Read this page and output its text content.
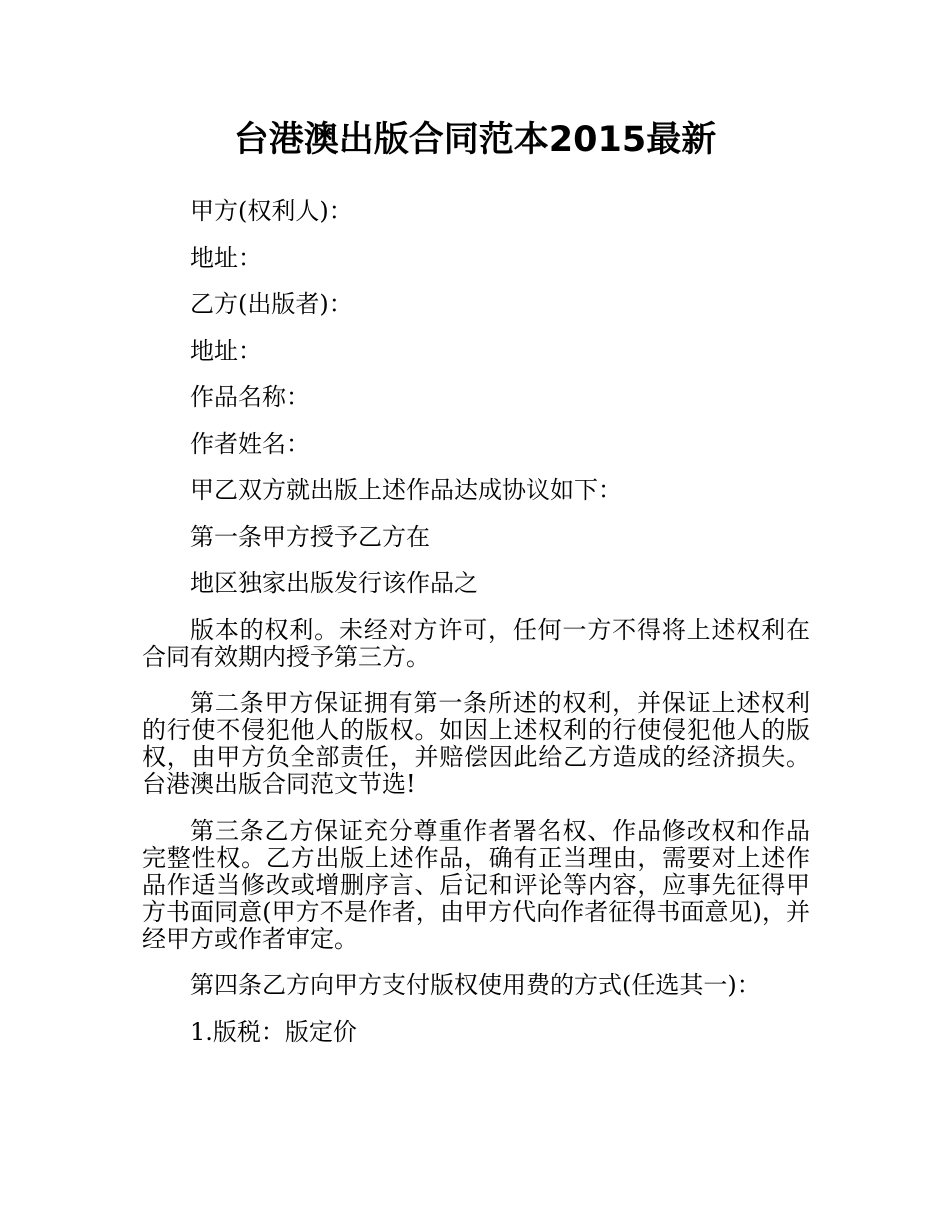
台港澳出版合同范本2015最新

甲方(权利人)：

地址：

乙方(出版者)：

地址：

作品名称：

作者姓名：

甲乙双方就出版上述作品达成协议如下：

第一条甲方授予乙方在

地区独家出版发行该作品之

版本的权利。未经对方许可，任何一方不得将上述权利在合同有效期内授予第三方。

第二条甲方保证拥有第一条所述的权利，并保证上述权利的行使不侵犯他人的版权。如因上述权利的行使侵犯他人的版权，由甲方负全部责任，并赔偿因此给乙方造成的经济损失。台港澳出版合同范文节选!

第三条乙方保证充分尊重作者署名权、作品修改权和作品完整性权。乙方出版上述作品，确有正当理由，需要对上述作品作适当修改或增删序言、后记和评论等内容，应事先征得甲方书面同意(甲方不是作者，由甲方代向作者征得书面意见)，并经甲方或作者审定。

第四条乙方向甲方支付版权使用费的方式(任选其一)：

1.版税：版定价
